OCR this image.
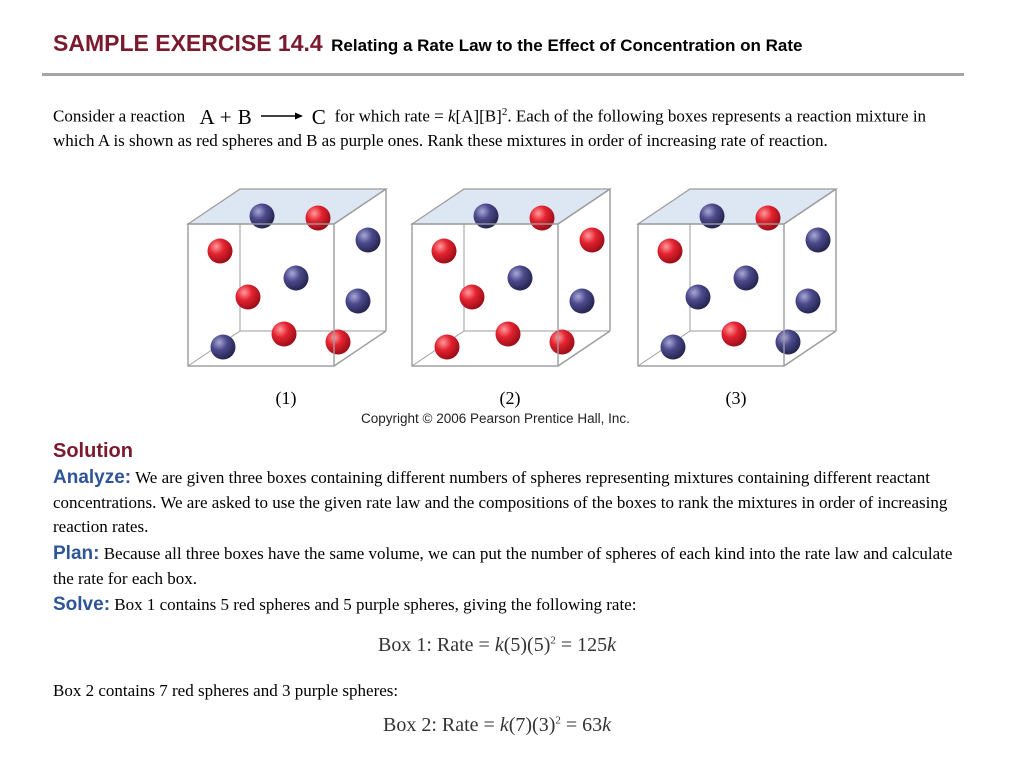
SAMPLE EXERCISE 14.4 Relating a Rate Law to the Effect of Concentration on Rate
Consider a reaction A + B → C for which rate = $k[A][B]^2$. Each of the following boxes represents a reaction mixture in which A is shown as red spheres and B as purple ones. Rank these mixtures in order of increasing rate of reaction.
(1)	(2)	(3)
Copyright © 2006 Pearson Prentice Hall, Inc.
Solution
Analyze: We are given three boxes containing different numbers of spheres representing mixtures containing different reactant concentrations. We are asked to use the given rate law and the compositions of the boxes to rank the mixtures in order of increasing reaction rates.
Plan: Because all three boxes have the same volume, we can put the number of spheres of each kind into the rate law and calculate the rate for each box.
Solve: Box 1 contains 5 red spheres and 5 purple spheres, giving the following rate:
Box 1: Rate = $k(5)(5)^2 = 125k$
Box 2 contains 7 red spheres and 3 purple spheres:
Box 2: Rate = $k(7)(3)^2 = 63k$
